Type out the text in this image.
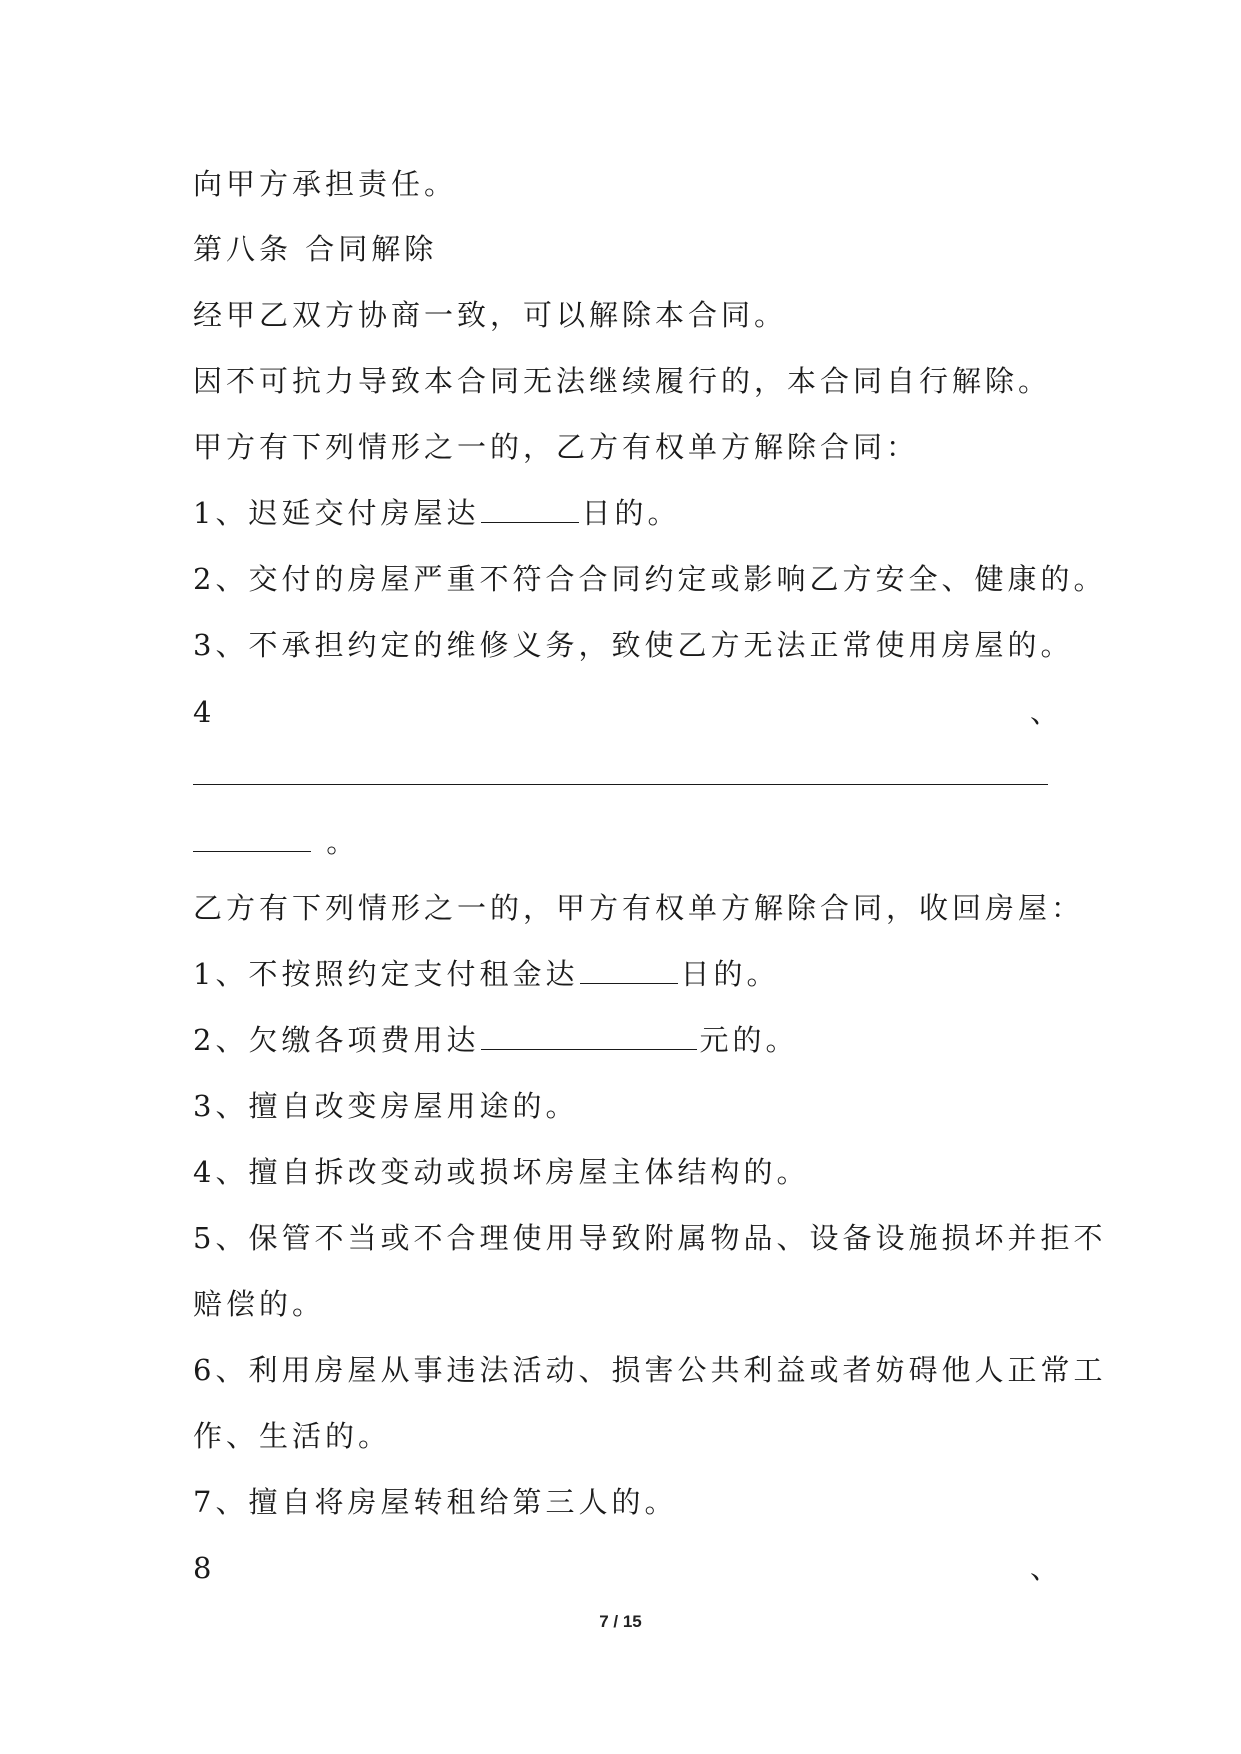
向甲方承担责任。
第八条 合同解除
经甲乙双方协商一致，可以解除本合同。
因不可抗力导致本合同无法继续履行的，本合同自行解除。
甲方有下列情形之一的，乙方有权单方解除合同：
1、迟延交付房屋达	日的。
2、交付的房屋严重不符合合同约定或影响乙方安全、健康的。
3、不承担约定的维修义务，致使乙方无法正常使用房屋的。
4	、
。
乙方有下列情形之一的，甲方有权单方解除合同，收回房屋：
1、不按照约定支付租金达	日的。
2、欠缴各项费用达	元的。
3、擅自改变房屋用途的。
4、擅自拆改变动或损坏房屋主体结构的。
5、保管不当或不合理使用导致附属物品、设备设施损坏并拒不
赔偿的。
6、利用房屋从事违法活动、损害公共利益或者妨碍他人正常工
作、生活的。
7、擅自将房屋转租给第三人的。
8	、
7 / 15
